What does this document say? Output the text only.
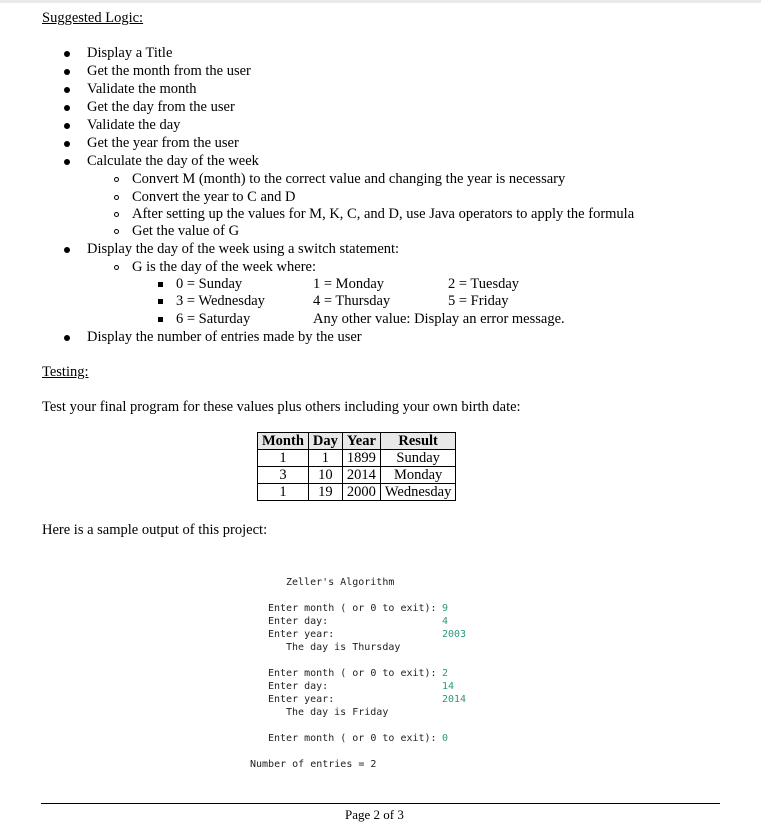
Suggested Logic:
Display a Title
Get the month from the user
Validate the month
Get the day from the user
Validate the day
Get the year from the user
Calculate the day of the week
Convert M (month) to the correct value and changing the year is necessary
Convert the year to C and D
After setting up the values for M, K, C, and D, use Java operators to apply the formula
Get the value of G
Display the day of the week using a switch statement:
G is the day of the week where:
0 = Sunday	1 = Monday	2 = Tuesday
3 = Wednesday	4 = Thursday	5 = Friday
6 = Saturday	Any other value: Display an error message.
Display the number of entries made by the user
Testing:
Test your final program for these values plus others including your own birth date:
Month	Day	Year	Result
1	1	1899	Sunday
3	10	2014	Monday
1	19	2000	Wednesday
Here is a sample output of this project:
Zeller's Algorithm
Enter month ( or 0 to exit): 9
Enter day:	4
Enter year:	2003
The day is Thursday
Enter month ( or 0 to exit): 2
Enter day:	14
Enter year:	2014
The day is Friday
Enter month ( or 0 to exit): 0
Number of entries = 2
Page 2 of 3
